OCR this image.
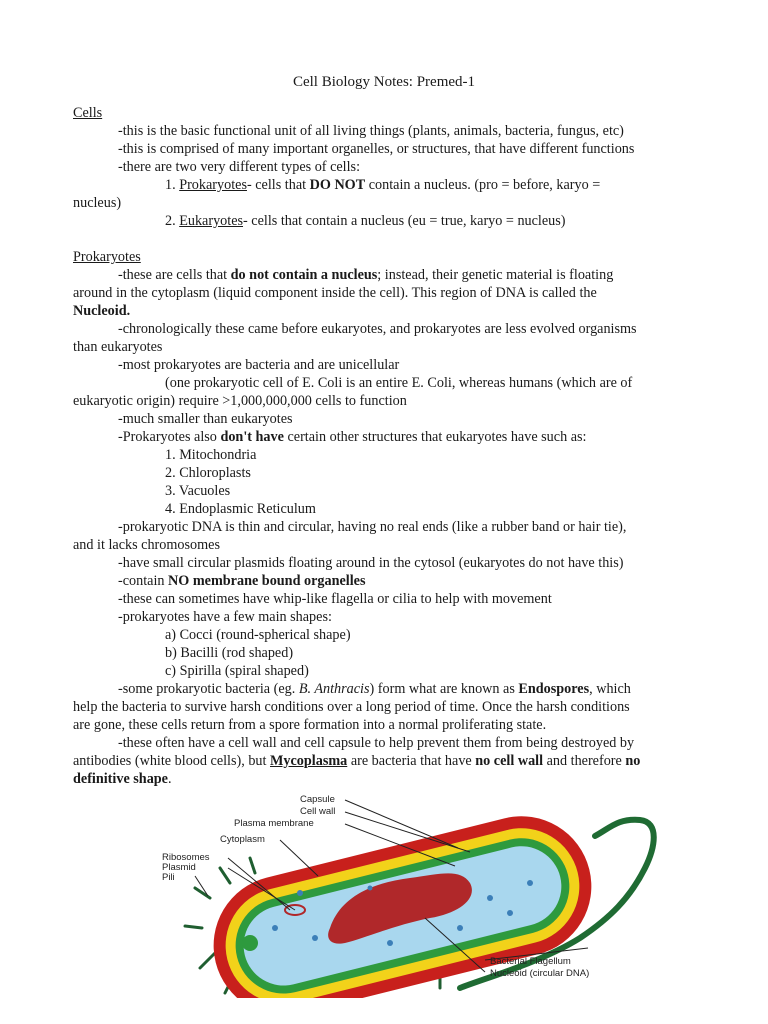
Cell Biology Notes: Premed-1
Cells
-this is the basic functional unit of all living things (plants, animals, bacteria, fungus, etc)
-this is comprised of many important organelles, or structures, that have different functions
-there are two very different types of cells:
1. Prokaryotes- cells that DO NOT contain a nucleus. (pro = before, karyo =
nucleus)
2. Eukaryotes- cells that contain a nucleus (eu = true, karyo = nucleus)
Prokaryotes
-these are cells that do not contain a nucleus; instead, their genetic material is floating
around in the cytoplasm (liquid component inside the cell). This region of DNA is called the
Nucleoid.
-chronologically these came before eukaryotes, and prokaryotes are less evolved organisms
than eukaryotes
-most prokaryotes are bacteria and are unicellular
(one prokaryotic cell of E. Coli is an entire E. Coli, whereas humans (which are of
eukaryotic origin) require >1,000,000,000 cells to function
-much smaller than eukaryotes
-Prokaryotes also don't have certain other structures that eukaryotes have such as:
1. Mitochondria
2. Chloroplasts
3. Vacuoles
4. Endoplasmic Reticulum
-prokaryotic DNA is thin and circular, having no real ends (like a rubber band or hair tie),
and it lacks chromosomes
-have small circular plasmids floating around in the cytosol (eukaryotes do not have this)
-contain NO membrane bound organelles
-these can sometimes have whip-like flagella or cilia to help with movement
-prokaryotes have a few main shapes:
a) Cocci (round-spherical shape)
b) Bacilli (rod shaped)
c) Spirilla (spiral shaped)
-some prokaryotic bacteria (eg. B. Anthracis) form what are known as Endospores, which
help the bacteria to survive harsh conditions over a long period of time. Once the harsh conditions
are gone, these cells return from a spore formation into a normal proliferating state.
-these often have a cell wall and cell capsule to help prevent them from being destroyed by
antibodies (white blood cells), but Mycoplasma are bacteria that have no cell wall and therefore no
definitive shape.
Capsule
Cell wall
Plasma membrane
Cytoplasm
Ribosomes
Plasmid
Pili
Bacterial Flagellum
Nucleoid (circular DNA)
